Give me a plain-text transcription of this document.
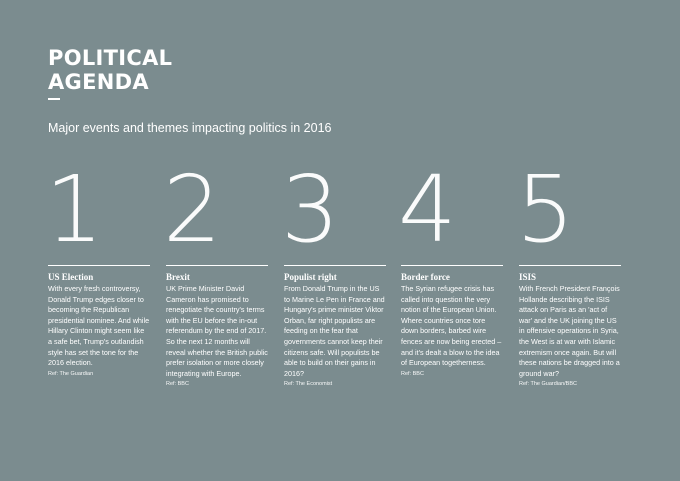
POLITICAL
AGENDA
Major events and themes impacting politics in 2016
1
US Election
With every fresh controversy, Donald Trump edges closer to becoming the Republican presidential nominee. And while Hillary Clinton might seem like a safe bet, Trump's outlandish style has set the tone for the 2016 election.
Ref: The Guardian
2
Brexit
UK Prime Minister David Cameron has promised to renegotiate the country's terms with the EU before the in-out referendum by the end of 2017. So the next 12 months will reveal whether the British public prefer isolation or more closely integrating with Europe.
Ref: BBC
3
Populist right
From Donald Trump in the US to Marine Le Pen in France and Hungary's prime minister Viktor Orban, far right populists are feeding on the fear that governments cannot keep their citizens safe. Will populists be able to build on their gains in 2016?
Ref: The Economist
4
Border force
The Syrian refugee crisis has called into question the very notion of the European Union. Where countries once tore down borders, barbed wire fences are now being erected – and it's dealt a blow to the idea of European togetherness.
Ref: BBC
5
ISIS
With French President François Hollande describing the ISIS attack on Paris as an 'act of war' and the UK joining the US in offensive operations in Syria, the West is at war with Islamic extremism once again. But will these nations be dragged into a ground war?
Ref: The Guardian/BBC
